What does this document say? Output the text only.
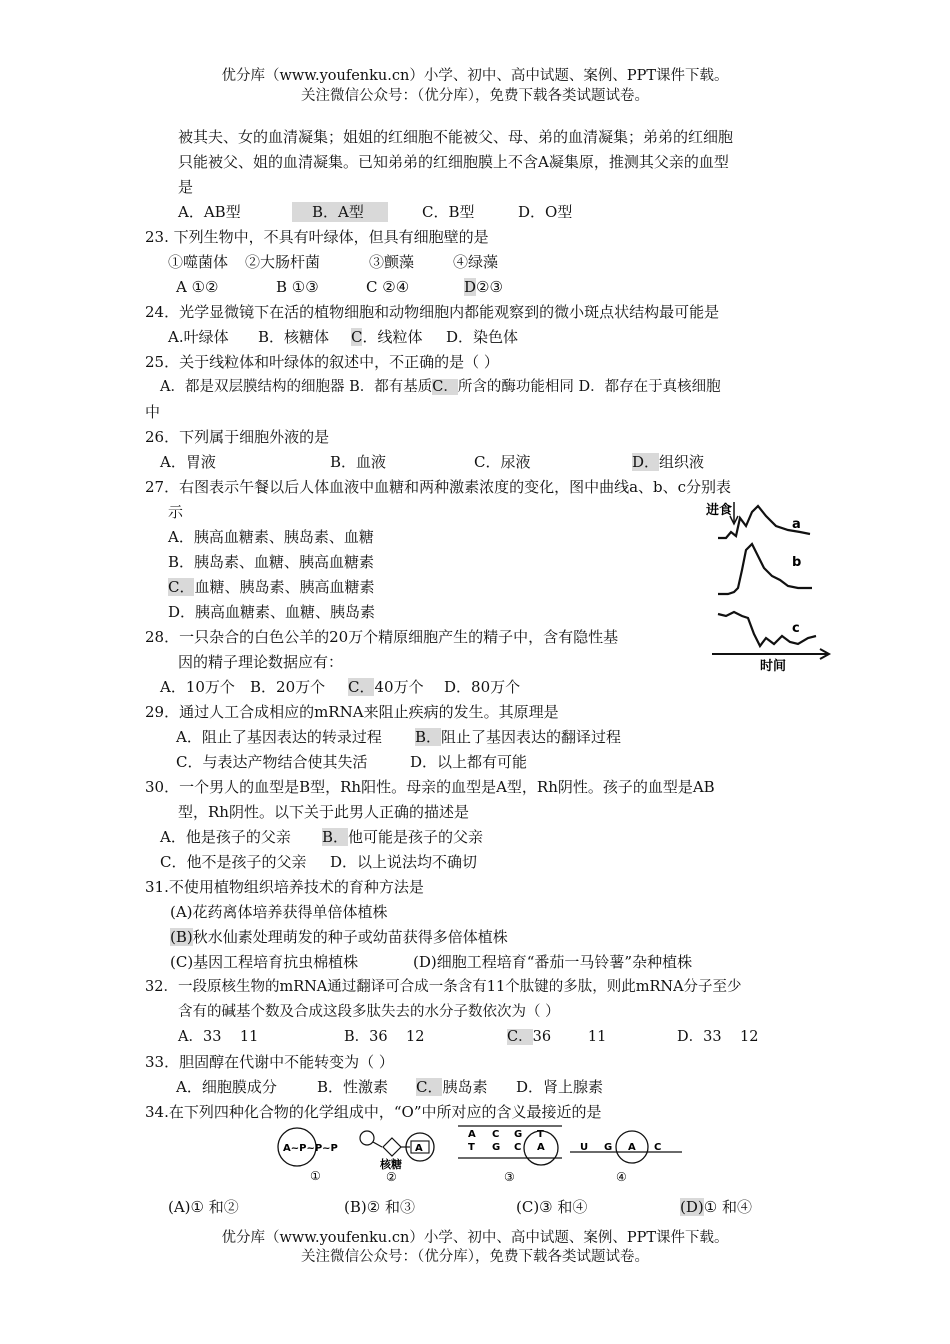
优分库（www.youfenku.cn）小学、初中、高中试题、案例、PPT课件下载。
关注微信公众号：（优分库），免费下载各类试题试卷。
被其夫、女的血清凝集；姐姐的红细胞不能被父、母、弟的血清凝集；弟弟的红细胞
只能被父、姐的血清凝集。已知弟弟的红细胞膜上不含A凝集原，推测其父亲的血型
是
A．AB型	B．A型	C．B型	D．O型
23. 下列生物中，不具有叶绿体，但具有细胞壁的是
①噬菌体 ②大肠杆菌	③颤藻	④绿藻
A ①②	B ①③	C ②④	D②③
24．光学显微镜下在活的植物细胞和动物细胞内都能观察到的微小斑点状结构最可能是
A.叶绿体 B．核糖体 C．线粒体 D．染色体
25．关于线粒体和叶绿体的叙述中，不正确的是（ ）
A．都是双层膜结构的细胞器 B．都有基质C．所含的酶功能相同 D．都存在于真核细胞
中
26．下列属于细胞外液的是
A．胃液	B．血液	C．尿液	D．组织液
27．右图表示午餐以后人体血液中血糖和两种激素浓度的变化，图中曲线a、b、c分别表
示
A．胰高血糖素、胰岛素、血糖
B．胰岛素、血糖、胰高血糖素
C．血糖、胰岛素、胰高血糖素
D．胰高血糖素、血糖、胰岛素
进食
a
b
c
时间
28．一只杂合的白色公羊的20万个精原细胞产生的精子中，含有隐性基
因的精子理论数据应有：
A．10万个 B．20万个 C．40万个 D．80万个
29．通过人工合成相应的mRNA来阻止疾病的发生。其原理是
A．阻止了基因表达的转录过程 B．阻止了基因表达的翻译过程
C．与表达产物结合使其失活	D．以上都有可能
30．一个男人的血型是B型，Rh阳性。母亲的血型是A型，Rh阴性。孩子的血型是AB
型，Rh阴性。以下关于此男人正确的描述是
A．他是孩子的父亲 B．他可能是孩子的父亲
C．他不是孩子的父亲 D．以上说法均不确切
31.不使用植物组织培养技术的育种方法是
(A)花药离体培养获得单倍体植株
(B)秋水仙素处理萌发的种子或幼苗获得多倍体植株
(C)基因工程培育抗虫棉植株	(D)细胞工程培育“番茄一马铃薯”杂种植株
32．一段原核生物的mRNA通过翻译可合成一条含有11个肽键的多肽，则此mRNA分子至少
含有的碱基个数及合成这段多肽失去的水分子数依次为（ ）
A．33    11	B．36    12	C．36        11	D．33    12
33．胆固醇在代谢中不能转变为（ ）
A．细胞膜成分	B．性激素 C．胰岛素 D．肾上腺素
34.在下列四种化合物的化学组成中，“O”中所对应的含义最接近的是
A~P~P~P
①
A
核糖
②
A C G T
T G C A
③
U G A C
④
(A)① 和②	(B)② 和③	(C)③ 和④	(D)① 和④
优分库（www.youfenku.cn）小学、初中、高中试题、案例、PPT课件下载。
关注微信公众号：（优分库），免费下载各类试题试卷。
